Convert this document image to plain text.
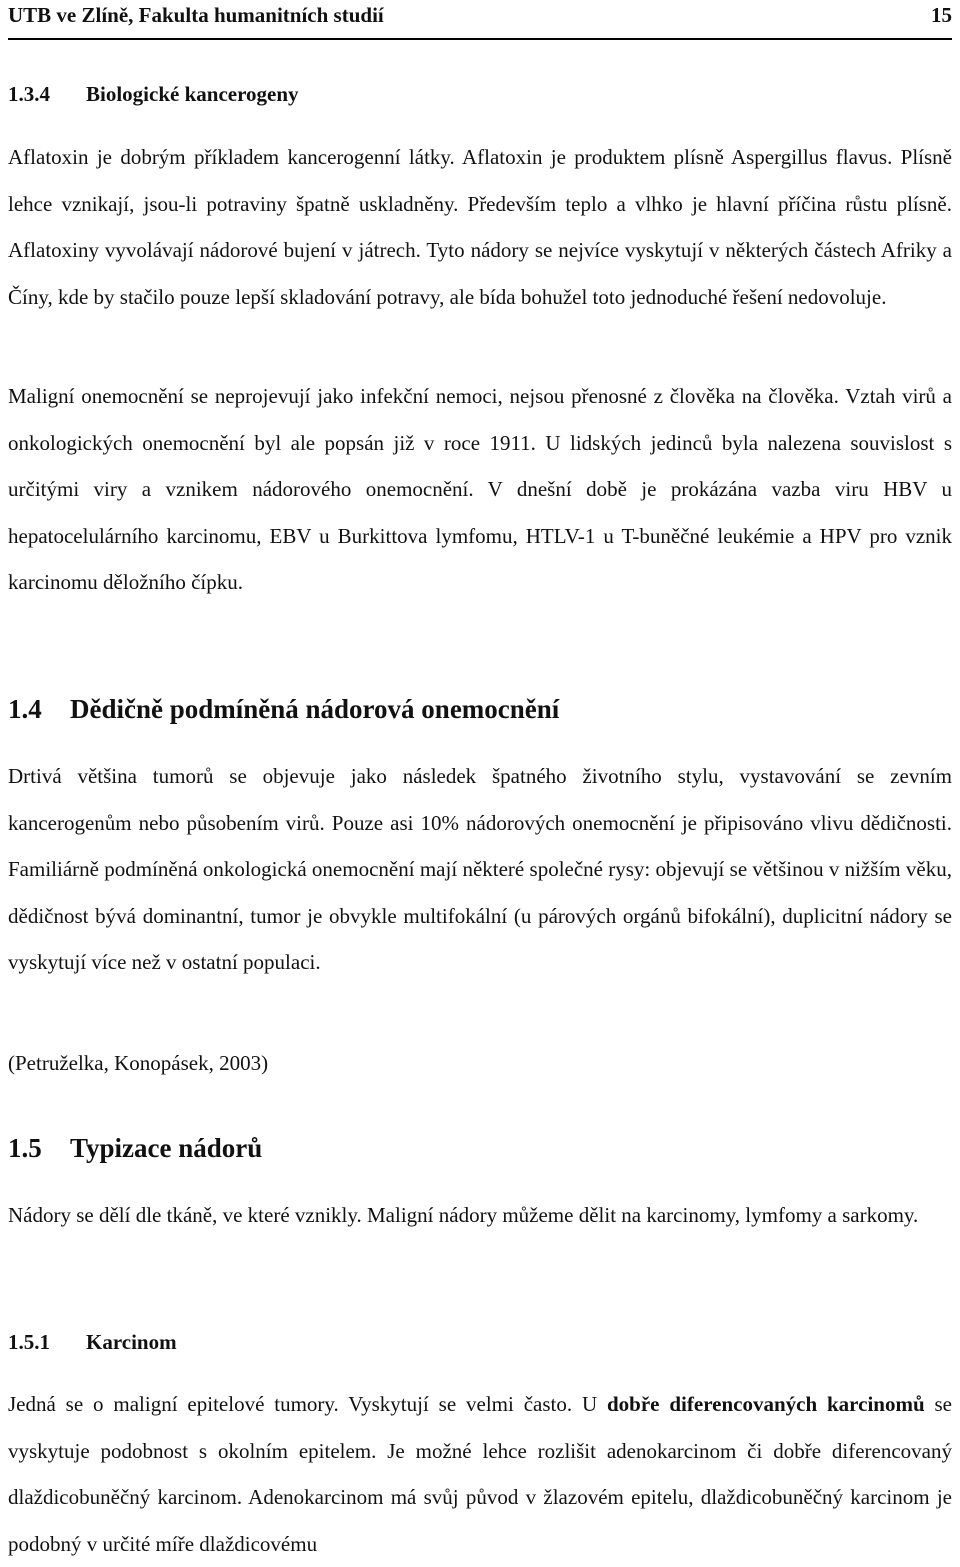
UTB ve Zlíně, Fakulta humanitních studií	15
1.3.4	Biologické kancerogeny
Aflatoxin je dobrým příkladem kancerogenní látky. Aflatoxin je produktem plísně Aspergillus flavus. Plísně lehce vznikají, jsou-li potraviny špatně uskladněny. Především teplo a vlhko je hlavní příčina růstu plísně. Aflatoxiny vyvolávají nádorové bujení v játrech. Tyto nádory se nejvíce vyskytují v některých částech Afriky a Číny, kde by stačilo pouze lepší skladování potravy, ale bída bohužel toto jednoduché řešení nedovoluje.
Maligní onemocnění se neprojevují jako infekční nemoci, nejsou přenosné z člověka na člověka. Vztah virů a onkologických onemocnění byl ale popsán již v roce 1911. U lidských jedinců byla nalezena souvislost s určitými viry a vznikem nádorového onemocnění. V dnešní době je prokázána vazba viru HBV u hepatocelulárního karcinomu, EBV u Burkittova lymfomu, HTLV-1 u T-buněčné leukémie a HPV pro vznik karcinomu děložního čípku.
1.4	Dědičně podmíněná nádorová onemocnění
Drtivá většina tumorů se objevuje jako následek špatného životního stylu, vystavování se zevním kancerogenům nebo působením virů. Pouze asi 10% nádorových onemocnění je připisováno vlivu dědičnosti. Familiárně podmíněná onkologická onemocnění mají některé společné rysy: objevují se většinou v nižším věku, dědičnost bývá dominantní, tumor je obvykle multifokální (u párových orgánů bifokální), duplicitní nádory se vyskytují více než v ostatní populaci.
(Petruželka, Konopásek, 2003)
1.5	Typizace nádorů
Nádory se dělí dle tkáně, ve které vznikly. Maligní nádory můžeme dělit na karcinomy, lymfomy a sarkomy.
1.5.1	Karcinom
Jedná se o maligní epitelové tumory. Vyskytují se velmi často. U dobře diferencovaných karcinomů se vyskytuje podobnost s okolním epitelem. Je možné lehce rozlišit adenokarcinom či dobře diferencovaný dlaždicobuněčný karcinom. Adenokarcinom má svůj původ v žlazovém epitelu, dlaždicobuněčný karcinom je podobný v určité míře dlaždicovému
